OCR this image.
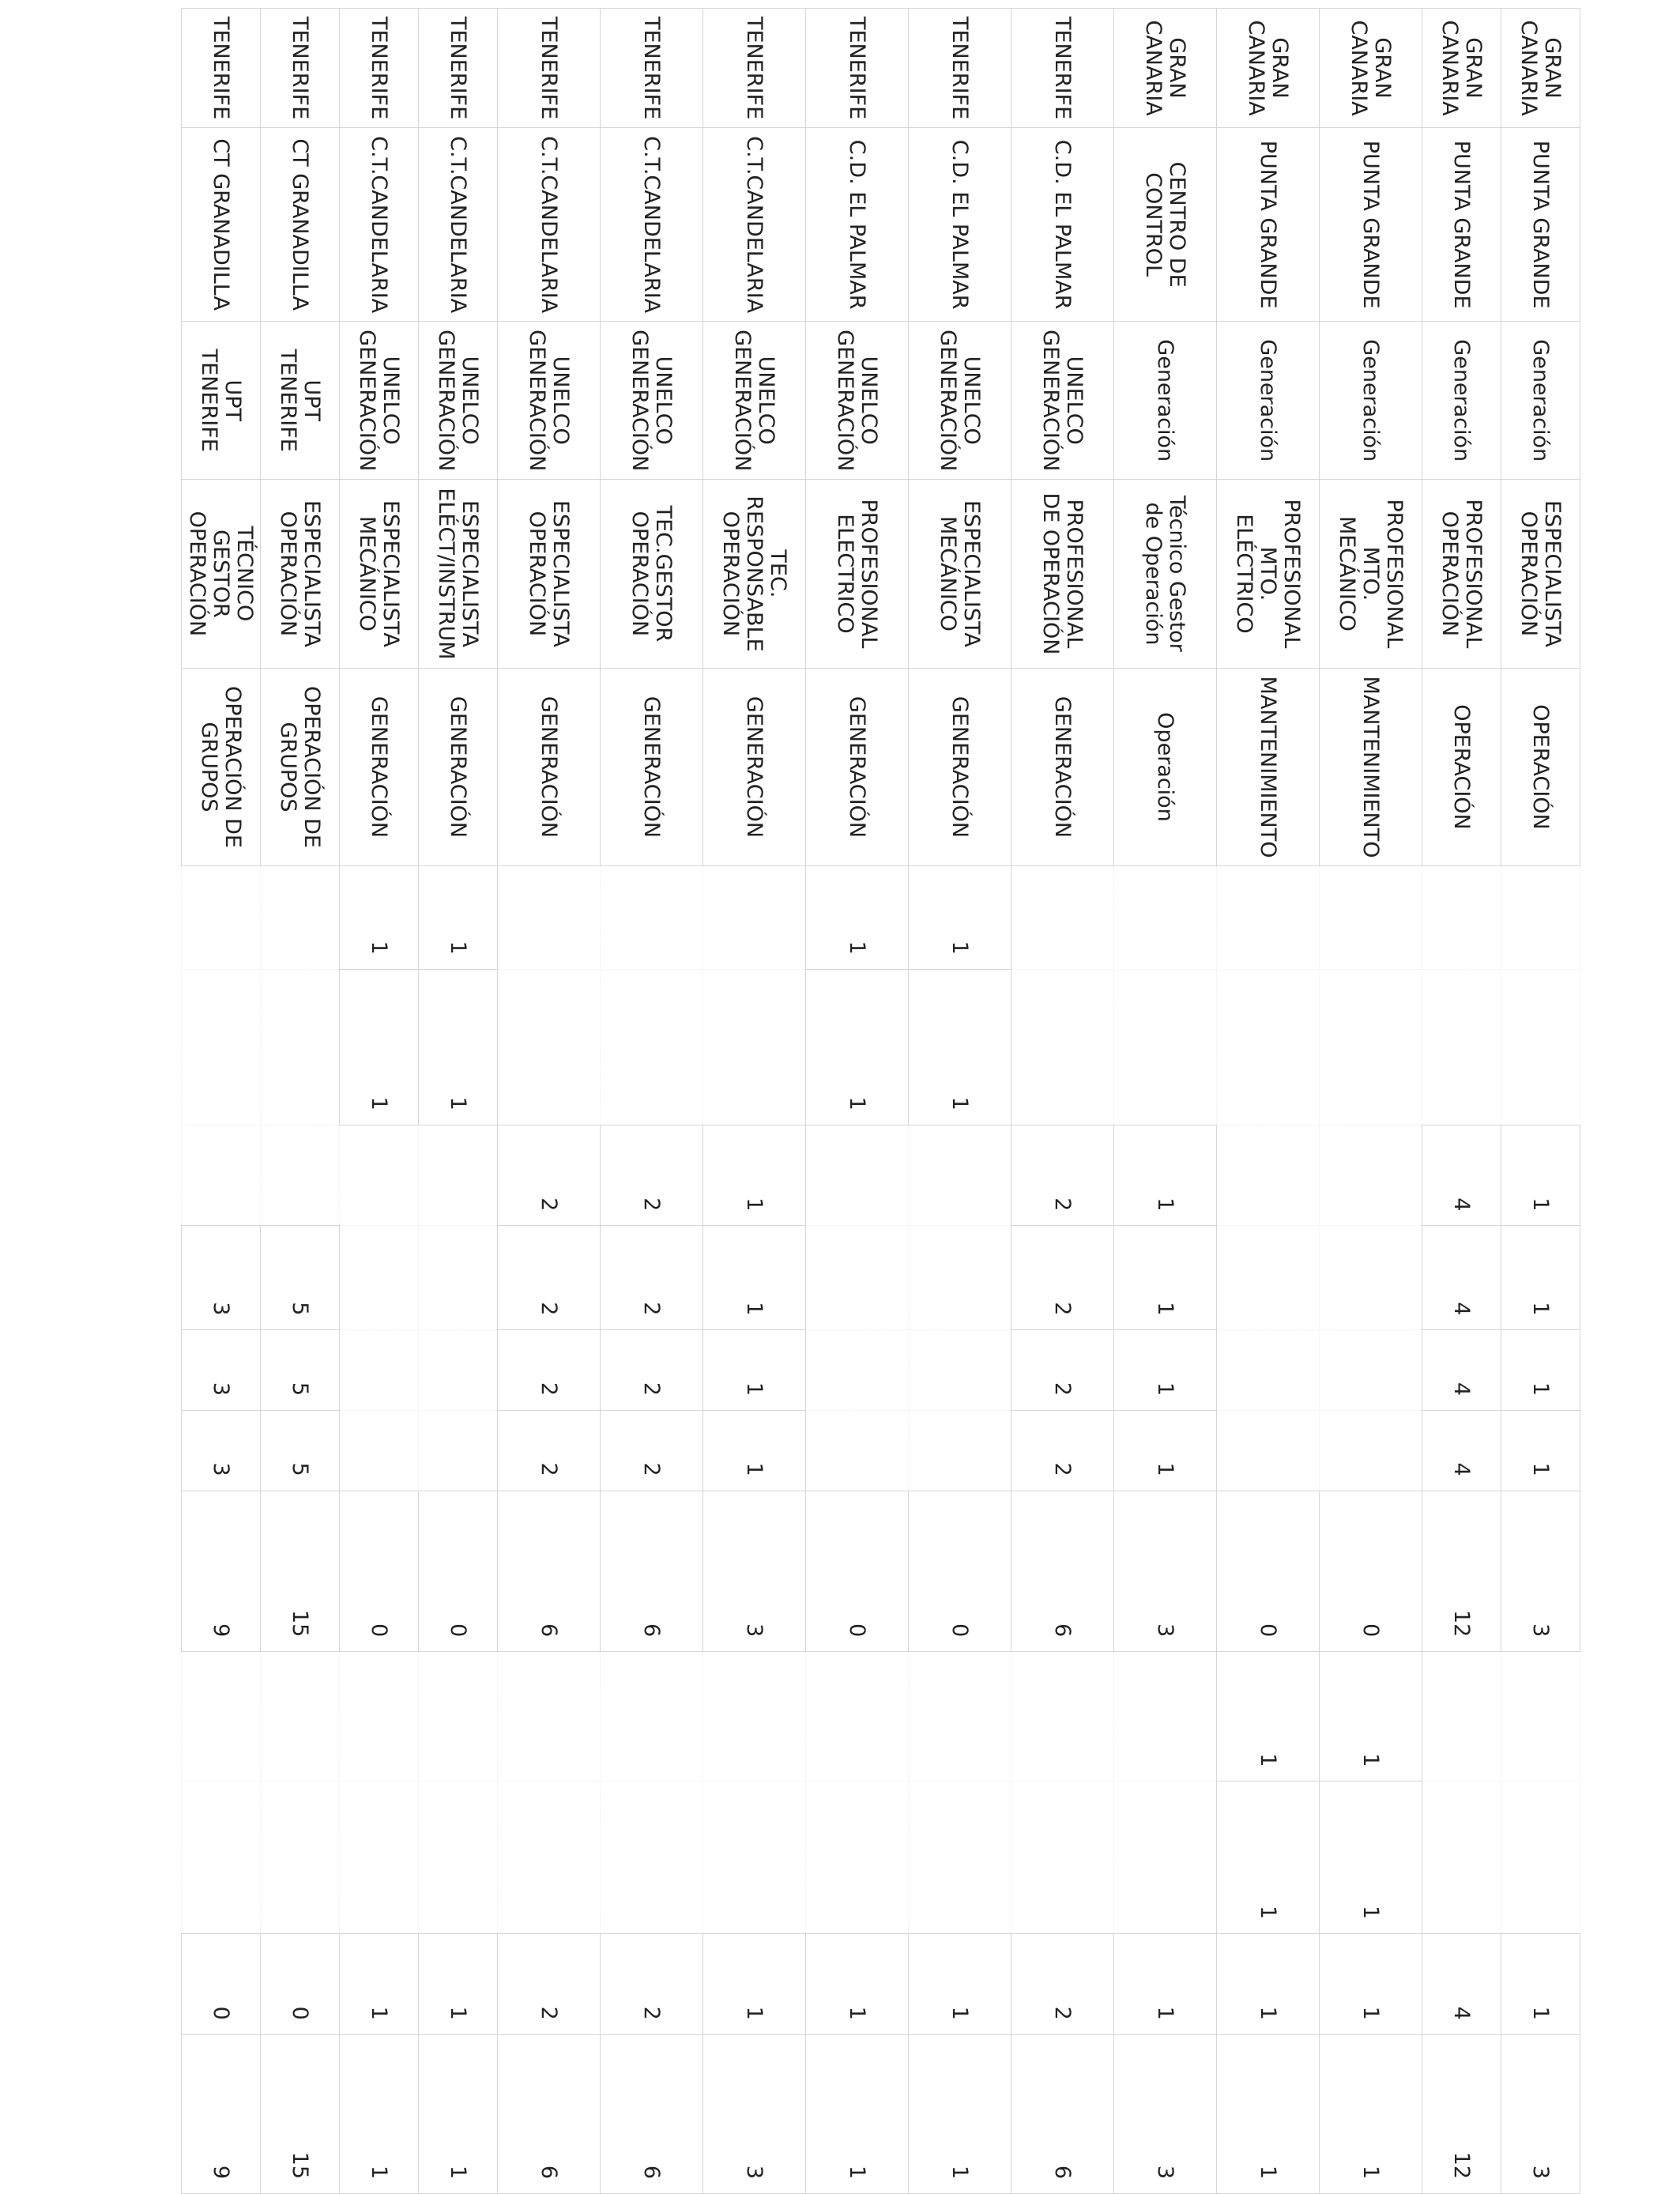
GRAN CANARIA	PUNTA GRANDE	Generación	ESPECIALISTA OPERACIÓN	OPERACIÓN			1	1	1	1	3			1	3
GRAN CANARIA	PUNTA GRANDE	Generación	PROFESIONAL OPERACIÓN	OPERACIÓN			4	4	4	4	12			4	12
GRAN CANARIA	PUNTA GRANDE	Generación	PROFESIONAL MTO. MECÁNICO	MANTENIMIENTO							0	1	1	1	1
GRAN CANARIA	PUNTA GRANDE	Generación	PROFESIONAL MTO. ELÉCTRICO	MANTENIMIENTO							0	1	1	1	1
GRAN CANARIA	CENTRO DE CONTROL	Generación	Técnico Gestor de Operación	Operación			1	1	1	1	3			1	3
TENERIFE	C.D. EL PALMAR	UNELCO GENERACIÓN	PROFESIONAL DE OPERACIÓN	GENERACIÓN			2	2	2	2	6			2	6
TENERIFE	C.D. EL PALMAR	UNELCO GENERACIÓN	ESPECIALISTA MECÁNICO	GENERACIÓN	1	1					0			1	1
TENERIFE	C.D. EL PALMAR	UNELCO GENERACIÓN	PROFESIONAL ELECTRICO	GENERACIÓN	1	1					0			1	1
TENERIFE	C.T.CANDELARIA	UNELCO GENERACIÓN	TEC. RESPONSABLE OPERACIÓN	GENERACIÓN			1	1	1	1	3			1	3
TENERIFE	C.T.CANDELARIA	UNELCO GENERACIÓN	TEC.GESTOR OPERACIÓN	GENERACIÓN			2	2	2	2	6			2	6
TENERIFE	C.T.CANDELARIA	UNELCO GENERACIÓN	ESPECIALISTA OPERACIÓN	GENERACIÓN			2	2	2	2	6			2	6
TENERIFE	C.T.CANDELARIA	UNELCO GENERACIÓN	ESPECIALISTA ELÉCT/INSTRUM	GENERACIÓN	1	1					0			1	1
TENERIFE	C.T.CANDELARIA	UNELCO GENERACIÓN	ESPECIALISTA MECÁNICO	GENERACIÓN	1	1					0			1	1
TENERIFE	CT GRANADILLA	UPT TENERIFE	ESPECIALISTA OPERACIÓN	OPERACIÓN DE GRUPOS				5	5	5	15			0	15
TENERIFE	CT GRANADILLA	UPT TENERIFE	TÉCNICO GESTOR OPERACIÓN	OPERACIÓN DE GRUPOS				3	3	3	9			0	9
